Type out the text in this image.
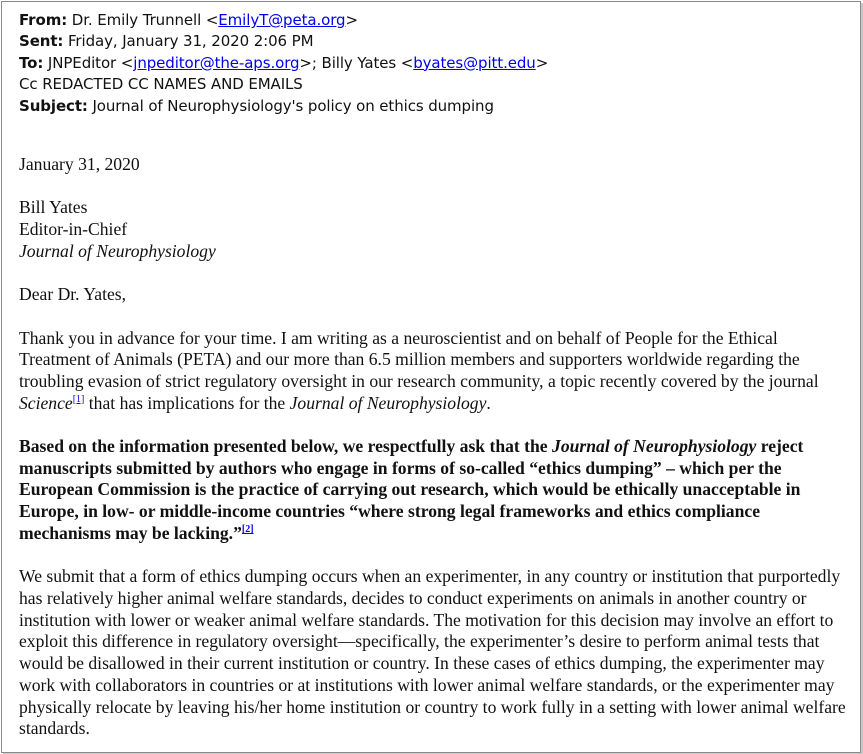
From: Dr. Emily Trunnell <EmilyT@peta.org>
Sent: Friday, January 31, 2020 2:06 PM
To: JNPEditor <jnpeditor@the-aps.org>; Billy Yates <byates@pitt.edu>
Cc REDACTED CC NAMES AND EMAILS
Subject: Journal of Neurophysiology's policy on ethics dumping

January 31, 2020

Bill Yates

Editor-in-Chief

Journal of Neurophysiology

Dear Dr. Yates,

Thank you in advance for your time. I am writing as a neuroscientist and on behalf of People for the Ethical Treatment of Animals (PETA) and our more than 6.5 million members and supporters worldwide regarding the troubling evasion of strict regulatory oversight in our research community, a topic recently covered by the journal Science[1] that has implications for the Journal of Neurophysiology.

Based on the information presented below, we respectfully ask that the Journal of Neurophysiology reject manuscripts submitted by authors who engage in forms of so-called “ethics dumping” – which per the European Commission is the practice of carrying out research, which would be ethically unacceptable in Europe, in low- or middle-income countries “where strong legal frameworks and ethics compliance mechanisms may be lacking.”[2]

We submit that a form of ethics dumping occurs when an experimenter, in any country or institution that purportedly has relatively higher animal welfare standards, decides to conduct experiments on animals in another country or institution with lower or weaker animal welfare standards. The motivation for this decision may involve an effort to exploit this difference in regulatory oversight—specifically, the experimenter’s desire to perform animal tests that would be disallowed in their current institution or country. In these cases of ethics dumping, the experimenter may work with collaborators in countries or at institutions with lower animal welfare standards, or the experimenter may physically relocate by leaving his/her home institution or country to work fully in a setting with lower animal welfare standards.
